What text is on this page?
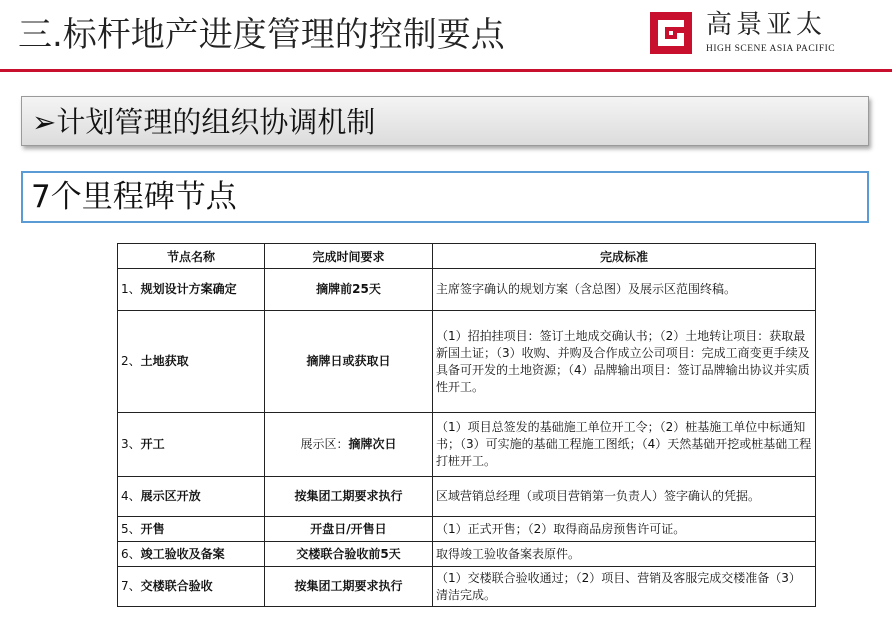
三.标杆地产进度管理的控制要点	高景亚太
HIGH SCENE ASIA PACIFIC
➢计划管理的组织协调机制
7个里程碑节点
节点名称	完成时间要求	完成标准
1、规划设计方案确定	摘牌前25天	主席签字确认的规划方案（含总图）及展示区范围终稿。
2、土地获取	摘牌日或获取日	（1）招拍挂项目：签订土地成交确认书；（2）土地转让项目：获取最新国土证；（3）收购、并购及合作成立公司项目：完成工商变更手续及具备可开发的土地资源；（4）品牌输出项目：签订品牌输出协议并实质性开工。
3、开工	展示区：摘牌次日	（1）项目总签发的基础施工单位开工令；（2）桩基施工单位中标通知书；（3）可实施的基础工程施工图纸；（4）天然基础开挖或桩基础工程打桩开工。
4、展示区开放	按集团工期要求执行	区域营销总经理（或项目营销第一负责人）签字确认的凭据。
5、开售	开盘日/开售日	（1）正式开售；（2）取得商品房预售许可证。
6、竣工验收及备案	交楼联合验收前5天	取得竣工验收备案表原件。
7、交楼联合验收	按集团工期要求执行	（1）交楼联合验收通过；（2）项目、营销及客服完成交楼准备（3）清洁完成。
